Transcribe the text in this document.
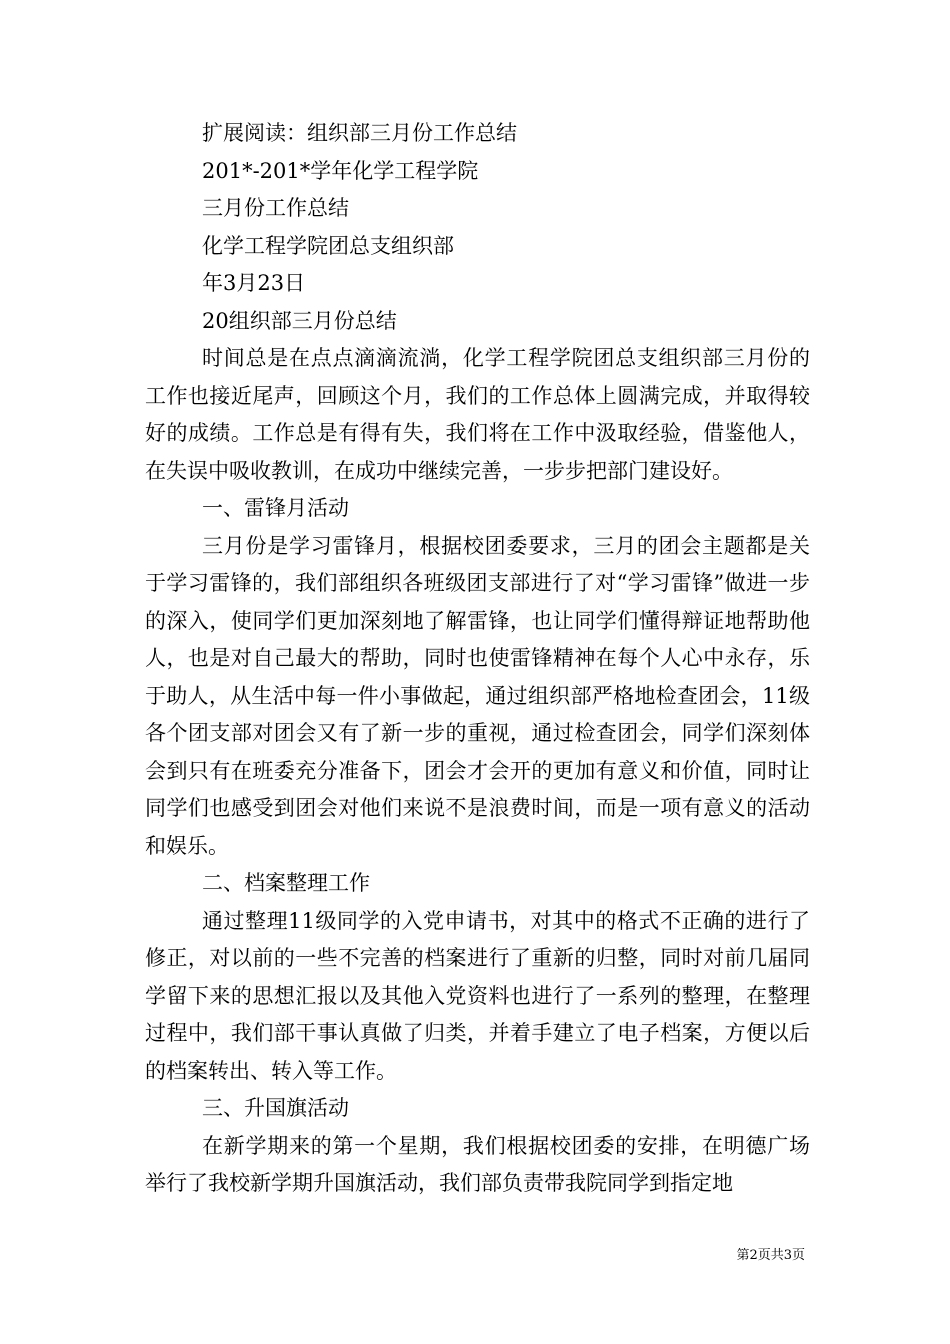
扩展阅读：组织部三月份工作总结
201*-201*学年化学工程学院
三月份工作总结
化学工程学院团总支组织部
年3月23日
20组织部三月份总结

时间总是在点点滴滴流淌，化学工程学院团总支组织部三月份的工作也接近尾声，回顾这个月，我们的工作总体上圆满完成，并取得较好的成绩。工作总是有得有失，我们将在工作中汲取经验，借鉴他人，在失误中吸收教训，在成功中继续完善，一步步把部门建设好。

一、雷锋月活动

三月份是学习雷锋月，根据校团委要求，三月的团会主题都是关于学习雷锋的，我们部组织各班级团支部进行了对“学习雷锋”做进一步的深入，使同学们更加深刻地了解雷锋，也让同学们懂得辩证地帮助他人，也是对自己最大的帮助，同时也使雷锋精神在每个人心中永存，乐于助人，从生活中每一件小事做起，通过组织部严格地检查团会，11级各个团支部对团会又有了新一步的重视，通过检查团会，同学们深刻体会到只有在班委充分准备下，团会才会开的更加有意义和价值，同时让同学们也感受到团会对他们来说不是浪费时间，而是一项有意义的活动和娱乐。

二、档案整理工作

通过整理11级同学的入党申请书，对其中的格式不正确的进行了修正，对以前的一些不完善的档案进行了重新的归整，同时对前几届同学留下来的思想汇报以及其他入党资料也进行了一系列的整理，在整理过程中，我们部干事认真做了归类，并着手建立了电子档案，方便以后的档案转出、转入等工作。

三、升国旗活动

在新学期来的第一个星期，我们根据校团委的安排，在明德广场举行了我校新学期升国旗活动，我们部负责带我院同学到指定地

第2页共3页
